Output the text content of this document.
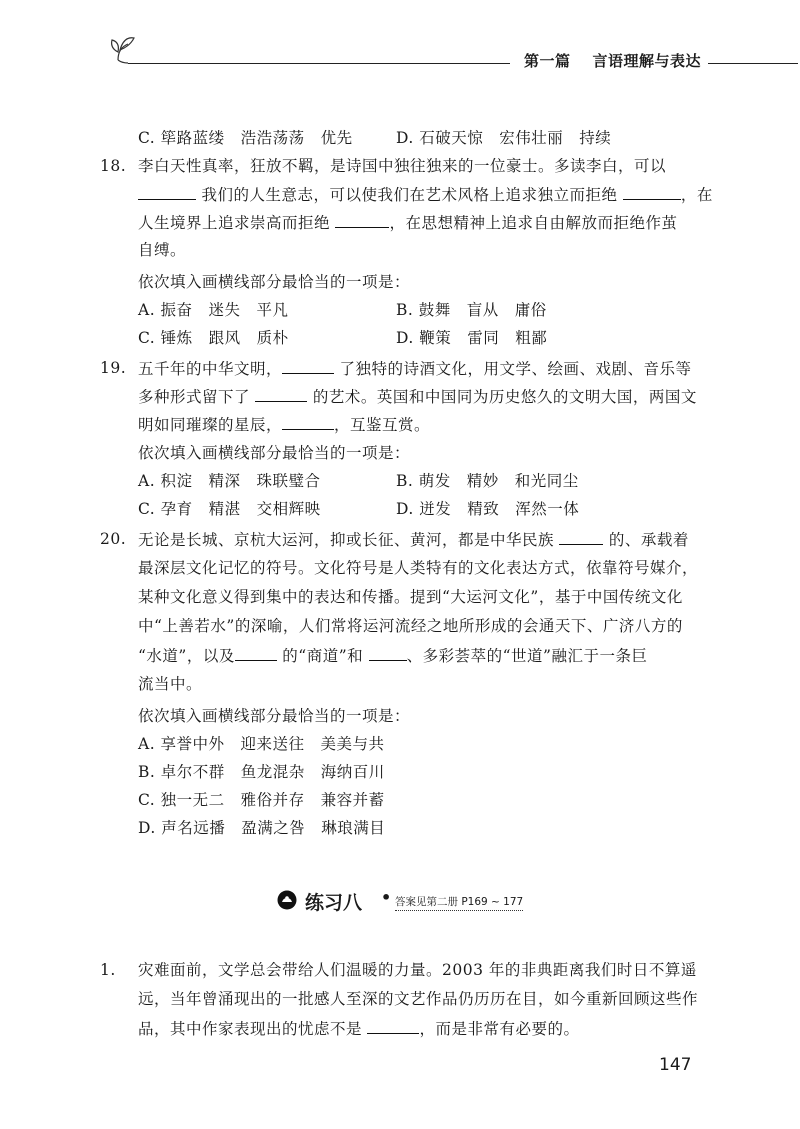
第一篇 言语理解与表达
C. 筚路蓝缕　浩浩荡荡　优先	D. 石破天惊　宏伟壮丽　持续
18. 李白天性真率，狂放不羁，是诗国中独往独来的一位豪士。多读李白，可以
我们的人生意志，可以使我们在艺术风格上追求独立而拒绝	，在
人生境界上追求崇高而拒绝	，在思想精神上追求自由解放而拒绝作茧
自缚。
依次填入画横线部分最恰当的一项是：
A. 振奋　迷失　平凡	B. 鼓舞　盲从　庸俗
C. 锤炼　跟风　质朴	D. 鞭策　雷同　粗鄙
19. 五千年的中华文明，	了独特的诗酒文化，用文学、绘画、戏剧、音乐等
多种形式留下了	的艺术。英国和中国同为历史悠久的文明大国，两国文
明如同璀璨的星辰，	，互鉴互赏。
依次填入画横线部分最恰当的一项是：
A. 积淀　精深　珠联璧合	B. 萌发　精妙　和光同尘
C. 孕育　精湛　交相辉映	D. 迸发　精致　浑然一体
20. 无论是长城、京杭大运河，抑或长征、黄河，都是中华民族	的、承载着
最深层文化记忆的符号。文化符号是人类特有的文化表达方式，依靠符号媒介，
某种文化意义得到集中的表达和传播。提到“大运河文化”，基于中国传统文化
中“上善若水”的深喻，人们常将运河流经之地所形成的会通天下、广济八方的
“水道”，以及	的“商道”和	、多彩荟萃的“世道”融汇于一条巨
流当中。
依次填入画横线部分最恰当的一项是：
A. 享誉中外　迎来送往　美美与共
B. 卓尔不群　鱼龙混杂　海纳百川
C. 独一无二　雅俗并存　兼容并蓄
D. 声名远播　盈满之咎　琳琅满目
1. 灾难面前，文学总会带给人们温暖的力量。2003 年的非典距离我们时日不算遥
远，当年曾涌现出的一批感人至深的文艺作品仍历历在目，如今重新回顾这些作
品，其中作家表现出的忧虑不是	，而是非常有必要的。
练习八 • 答案见第二册 P169 ~ 177
147
